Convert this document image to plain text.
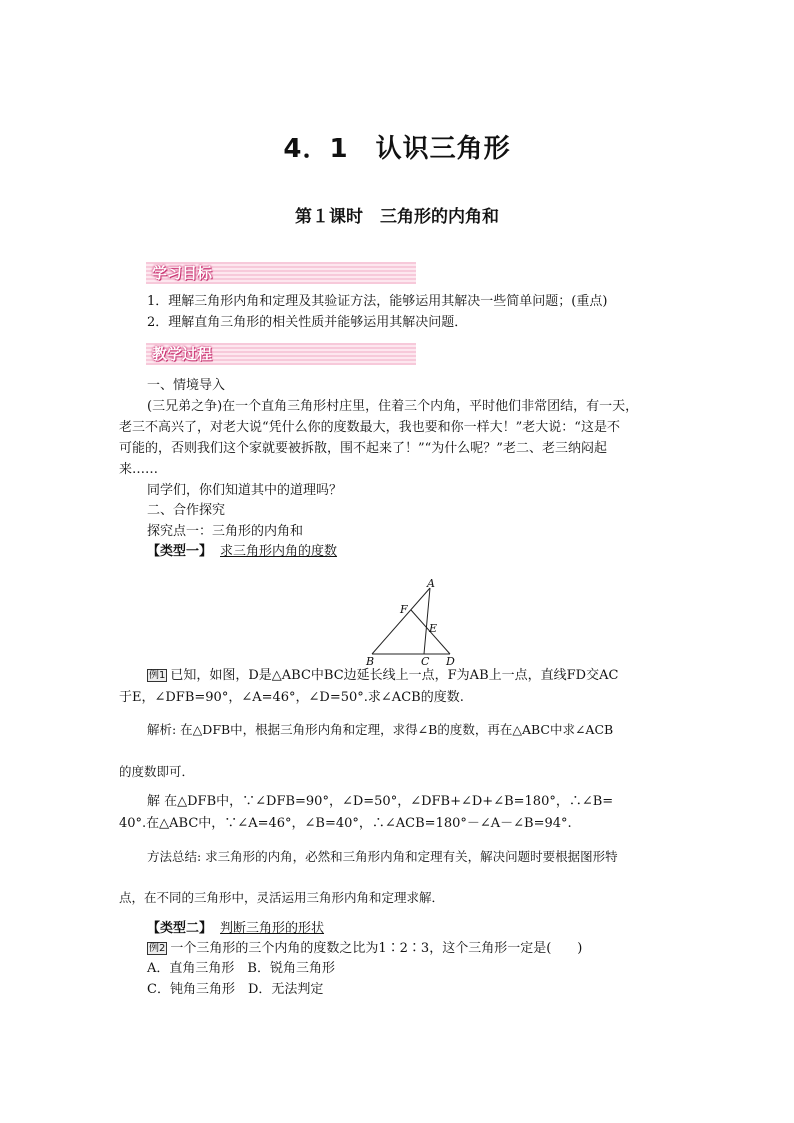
4．1　认识三角形
第１课时　三角形的内角和
学习目标
1．理解三角形内角和定理及其验证方法，能够运用其解决一些简单问题；(重点)
2．理解直角三角形的相关性质并能够运用其解决问题．
教学过程
一、情境导入
(三兄弟之争)在一个直角三角形村庄里，住着三个内角，平时他们非常团结，有一天，
老三不高兴了，对老大说“凭什么你的度数最大，我也要和你一样大！”老大说：“这是不
可能的，否则我们这个家就要被拆散，围不起来了！”“为什么呢？”老二、老三纳闷起
来……
同学们，你们知道其中的道理吗？
二、合作探究
探究点一：三角形的内角和
【类型一】 求三角形内角的度数
A
F
E
B	C D
例1 已知，如图，D是△ABC中BC边延长线上一点，F为AB上一点，直线FD交AC
于E，∠DFB=90°，∠A=46°，∠D=50°.求∠ACB的度数.
解析: 在△DFB中，根据三角形内角和定理，求得∠B的度数，再在△ABC中求∠ACB
的度数即可．
解 在△DFB中，∵∠DFB=90°，∠D=50°，∠DFB+∠D+∠B=180°，∴∠B=
40°.在△ABC中，∵∠A=46°，∠B=40°，∴∠ACB=180°－∠A－∠B=94°.
方法总结: 求三角形的内角，必然和三角形内角和定理有关，解决问题时要根据图形特
点，在不同的三角形中，灵活运用三角形内角和定理求解．
【类型二】 判断三角形的形状
例2 一个三角形的三个内角的度数之比为1∶2∶3，这个三角形一定是(　　)
A．直角三角形　B．锐角三角形
C．钝角三角形　D．无法判定
